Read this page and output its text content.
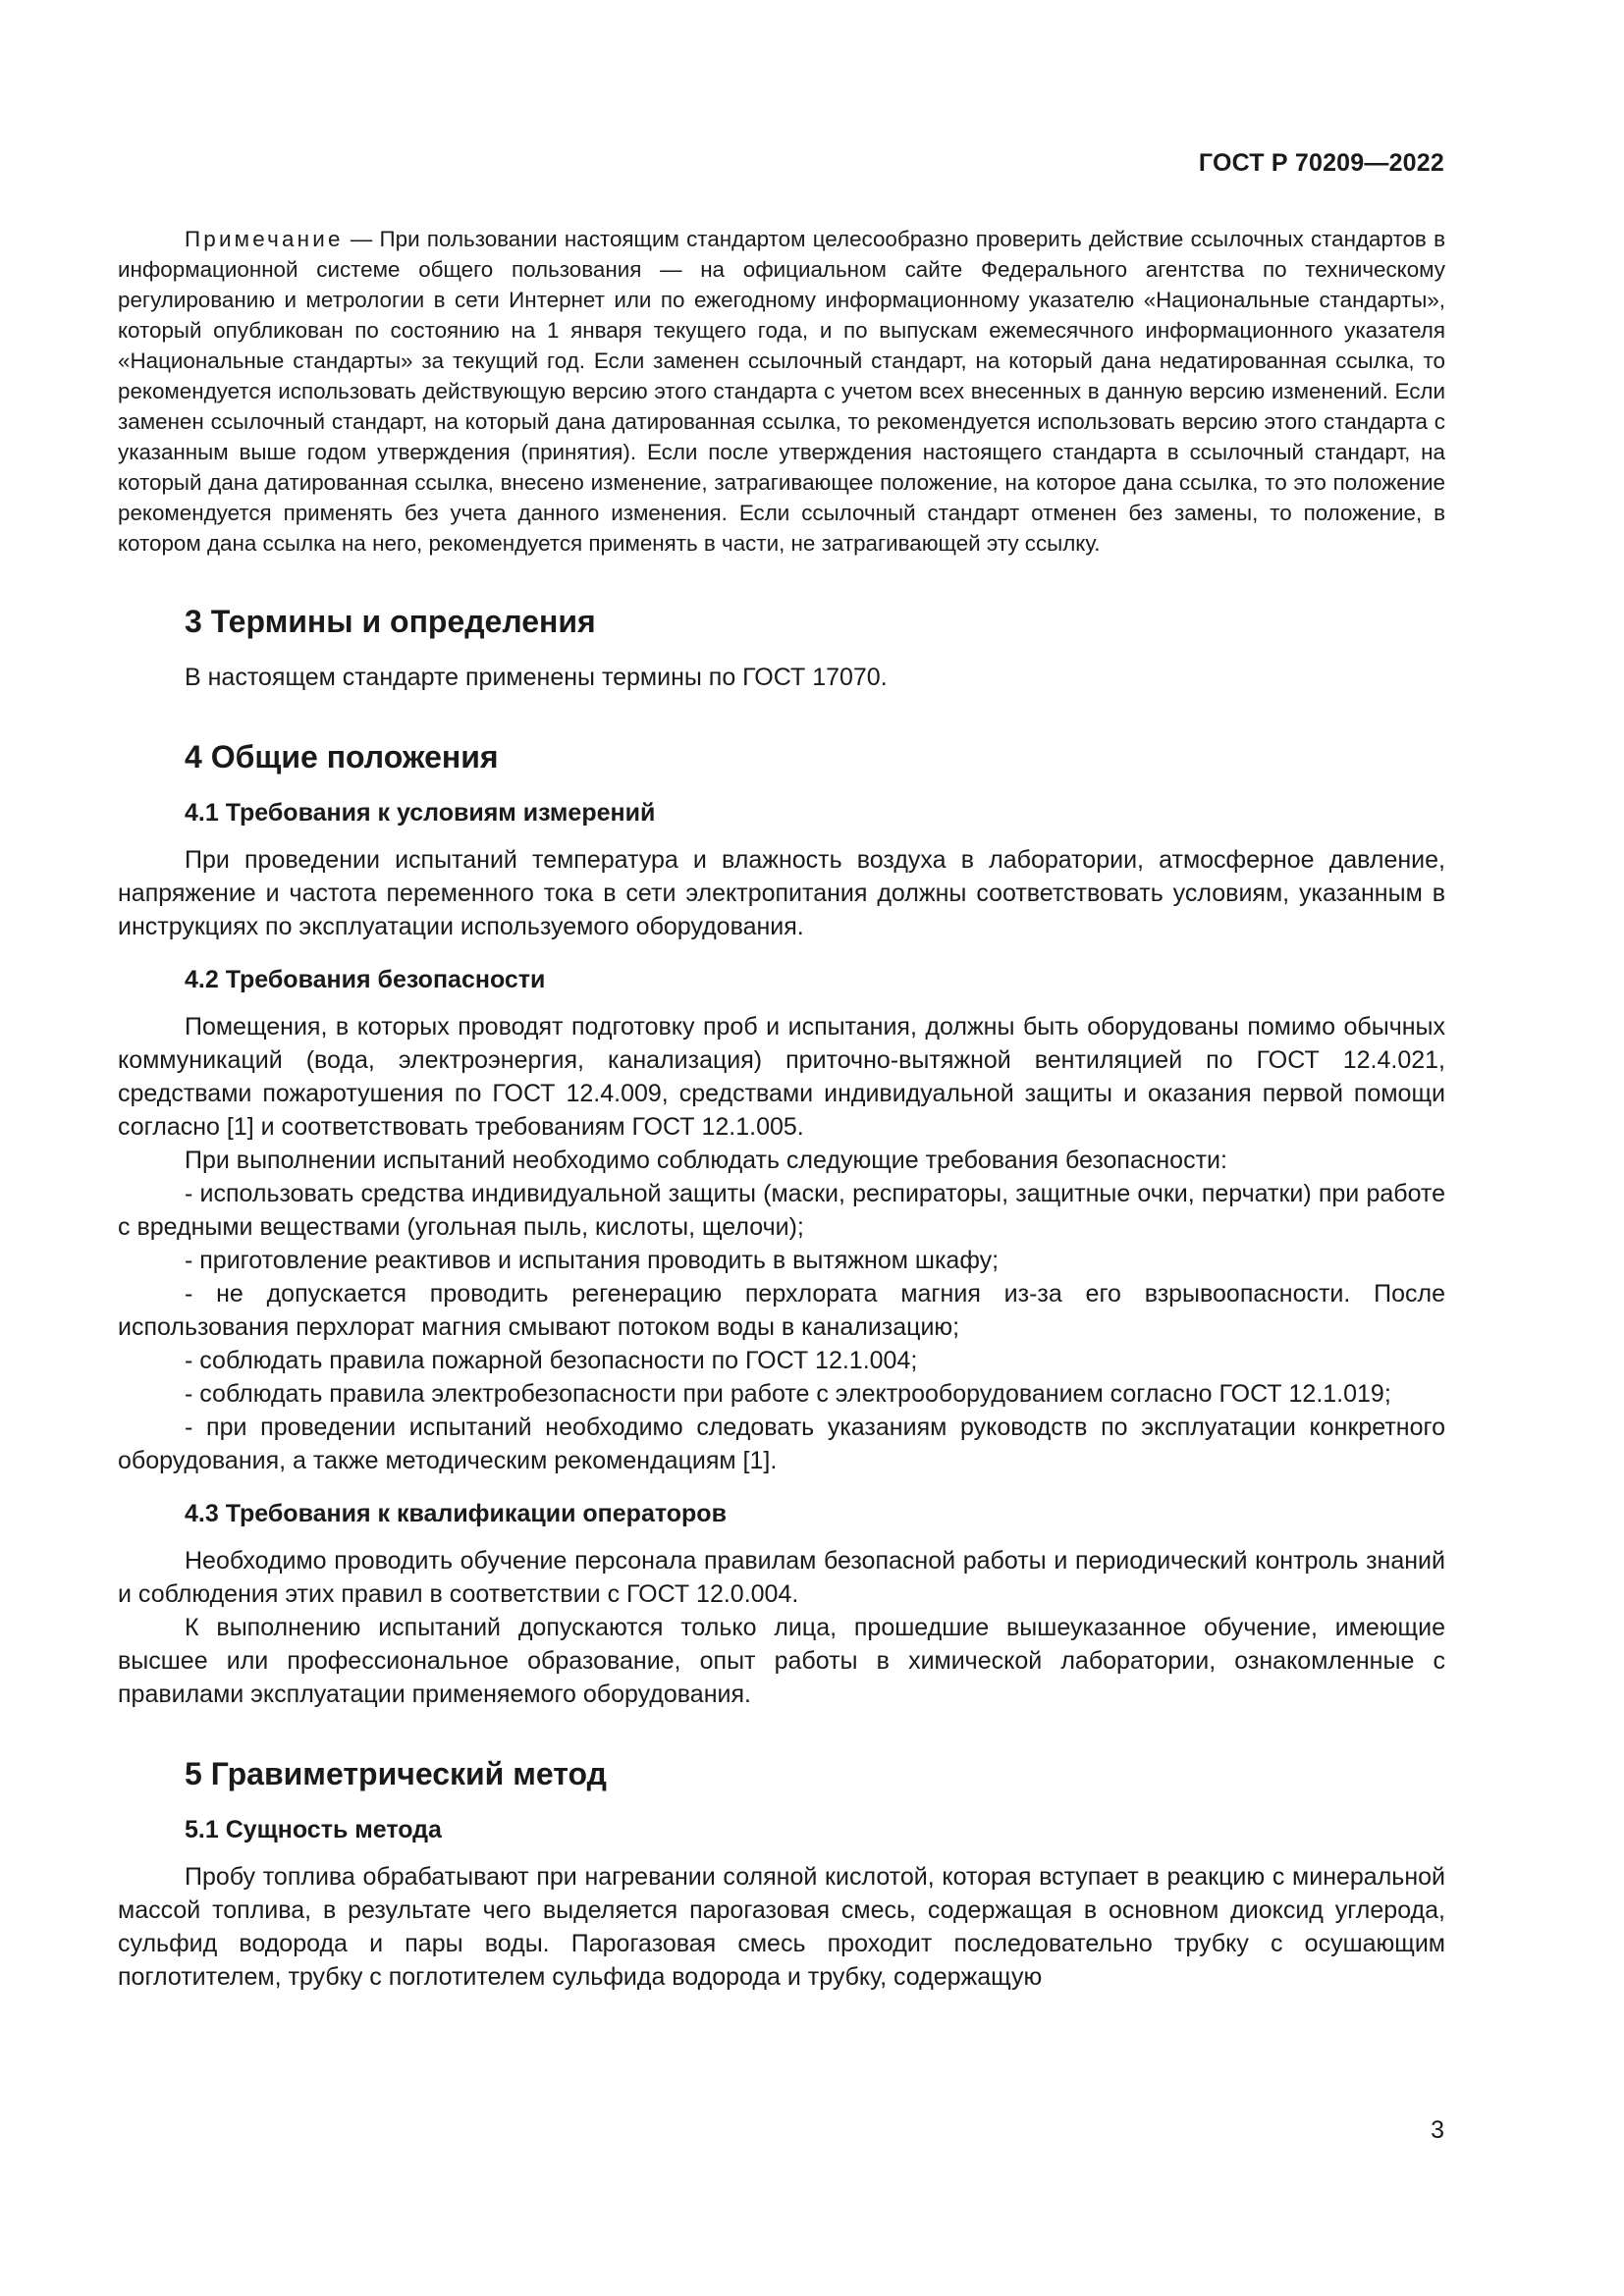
ГОСТ Р 70209—2022

Примечание — При пользовании настоящим стандартом целесообразно проверить действие ссылочных стандартов в информационной системе общего пользования — на официальном сайте Федерального агентства по техническому регулированию и метрологии в сети Интернет или по ежегодному информационному указателю «Национальные стандарты», который опубликован по состоянию на 1 января текущего года, и по выпускам ежемесячного информационного указателя «Национальные стандарты» за текущий год. Если заменен ссылочный стандарт, на который дана недатированная ссылка, то рекомендуется использовать действующую версию этого стандарта с учетом всех внесенных в данную версию изменений. Если заменен ссылочный стандарт, на который дана датированная ссылка, то рекомендуется использовать версию этого стандарта с указанным выше годом утверждения (принятия). Если после утверждения настоящего стандарта в ссылочный стандарт, на который дана датированная ссылка, внесено изменение, затрагивающее положение, на которое дана ссылка, то это положение рекомендуется применять без учета данного изменения. Если ссылочный стандарт отменен без замены, то положение, в котором дана ссылка на него, рекомендуется применять в части, не затрагивающей эту ссылку.

3 Термины и определения

В настоящем стандарте применены термины по ГОСТ 17070.

4 Общие положения
4.1 Требования к условиям измерений

При проведении испытаний температура и влажность воздуха в лаборатории, атмосферное давление, напряжение и частота переменного тока в сети электропитания должны соответствовать условиям, указанным в инструкциях по эксплуатации используемого оборудования.

4.2 Требования безопасности

Помещения, в которых проводят подготовку проб и испытания, должны быть оборудованы помимо обычных коммуникаций (вода, электроэнергия, канализация) приточно-вытяжной вентиляцией по ГОСТ 12.4.021, средствами пожаротушения по ГОСТ 12.4.009, средствами индивидуальной защиты и оказания первой помощи согласно [1] и соответствовать требованиям ГОСТ 12.1.005.

При выполнении испытаний необходимо соблюдать следующие требования безопасности:

- использовать средства индивидуальной защиты (маски, респираторы, защитные очки, перчатки) при работе с вредными веществами (угольная пыль, кислоты, щелочи);

- приготовление реактивов и испытания проводить в вытяжном шкафу;

- не допускается проводить регенерацию перхлората магния из-за его взрывоопасности. После использования перхлорат магния смывают потоком воды в канализацию;

- соблюдать правила пожарной безопасности по ГОСТ 12.1.004;

- соблюдать правила электробезопасности при работе с электрооборудованием согласно ГОСТ 12.1.019;

- при проведении испытаний необходимо следовать указаниям руководств по эксплуатации конкретного оборудования, а также методическим рекомендациям [1].

4.3 Требования к квалификации операторов

Необходимо проводить обучение персонала правилам безопасной работы и периодический контроль знаний и соблюдения этих правил в соответствии с ГОСТ 12.0.004.

К выполнению испытаний допускаются только лица, прошедшие вышеуказанное обучение, имеющие высшее или профессиональное образование, опыт работы в химической лаборатории, ознакомленные с правилами эксплуатации применяемого оборудования.

5 Гравиметрический метод
5.1 Сущность метода

Пробу топлива обрабатывают при нагревании соляной кислотой, которая вступает в реакцию с минеральной массой топлива, в результате чего выделяется парогазовая смесь, содержащая в основном диоксид углерода, сульфид водорода и пары воды. Парогазовая смесь проходит последовательно трубку с осушающим поглотителем, трубку с поглотителем сульфида водорода и трубку, содержащую

3
